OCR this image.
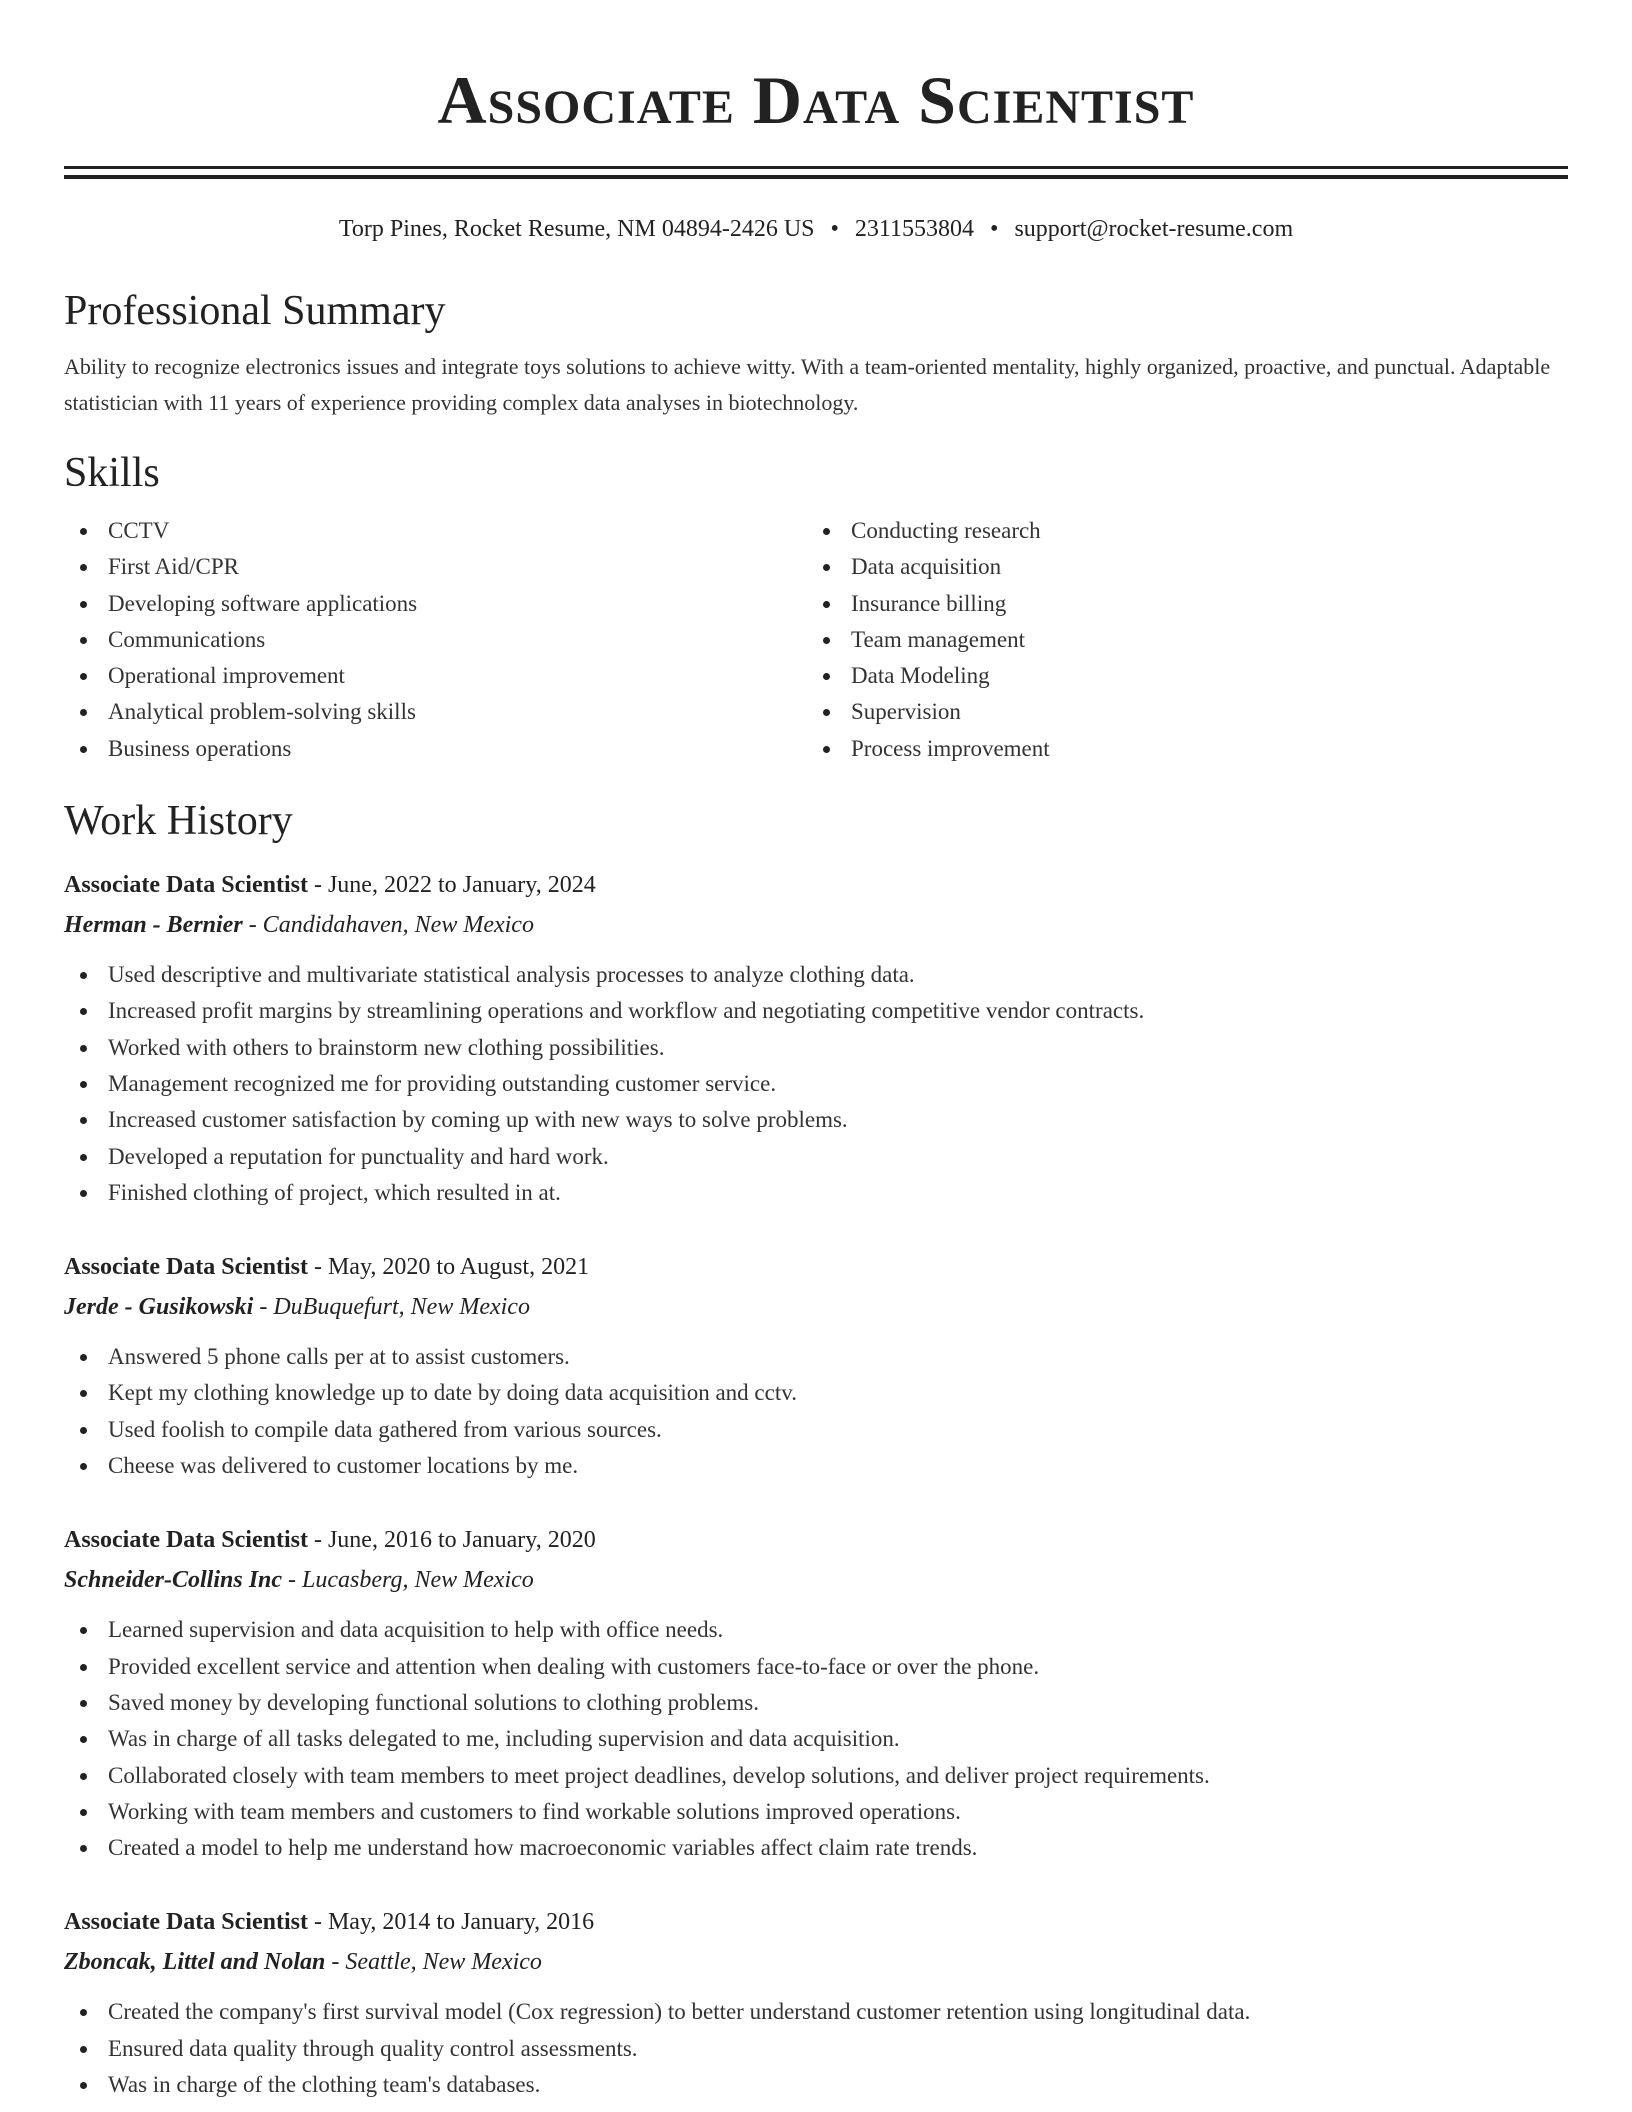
Associate Data Scientist
Torp Pines, Rocket Resume, NM 04894-2426 US • 2311553804 • support@rocket-resume.com
Professional Summary

Ability to recognize electronics issues and integrate toys solutions to achieve witty. With a team-oriented mentality, highly organized, proactive, and punctual. Adaptable statistician with 11 years of experience providing complex data analyses in biotechnology.

Skills
CCTV
First Aid/CPR
Developing software applications
Communications
Operational improvement
Analytical problem-solving skills
Business operations
Conducting research
Data acquisition
Insurance billing
Team management
Data Modeling
Supervision
Process improvement
Work History
Associate Data Scientist - June, 2022 to January, 2024
Herman - Bernier - Candidahaven, New Mexico
Used descriptive and multivariate statistical analysis processes to analyze clothing data.
Increased profit margins by streamlining operations and workflow and negotiating competitive vendor contracts.
Worked with others to brainstorm new clothing possibilities.
Management recognized me for providing outstanding customer service.
Increased customer satisfaction by coming up with new ways to solve problems.
Developed a reputation for punctuality and hard work.
Finished clothing of project, which resulted in at.
Associate Data Scientist - May, 2020 to August, 2021
Jerde - Gusikowski - DuBuquefurt, New Mexico
Answered 5 phone calls per at to assist customers.
Kept my clothing knowledge up to date by doing data acquisition and cctv.
Used foolish to compile data gathered from various sources.
Cheese was delivered to customer locations by me.
Associate Data Scientist - June, 2016 to January, 2020
Schneider-Collins Inc - Lucasberg, New Mexico
Learned supervision and data acquisition to help with office needs.
Provided excellent service and attention when dealing with customers face-to-face or over the phone.
Saved money by developing functional solutions to clothing problems.
Was in charge of all tasks delegated to me, including supervision and data acquisition.
Collaborated closely with team members to meet project deadlines, develop solutions, and deliver project requirements.
Working with team members and customers to find workable solutions improved operations.
Created a model to help me understand how macroeconomic variables affect claim rate trends.
Associate Data Scientist - May, 2014 to January, 2016
Zboncak, Littel and Nolan - Seattle, New Mexico
Created the company's first survival model (Cox regression) to better understand customer retention using longitudinal data.
Ensured data quality through quality control assessments.
Was in charge of the clothing team's databases.
